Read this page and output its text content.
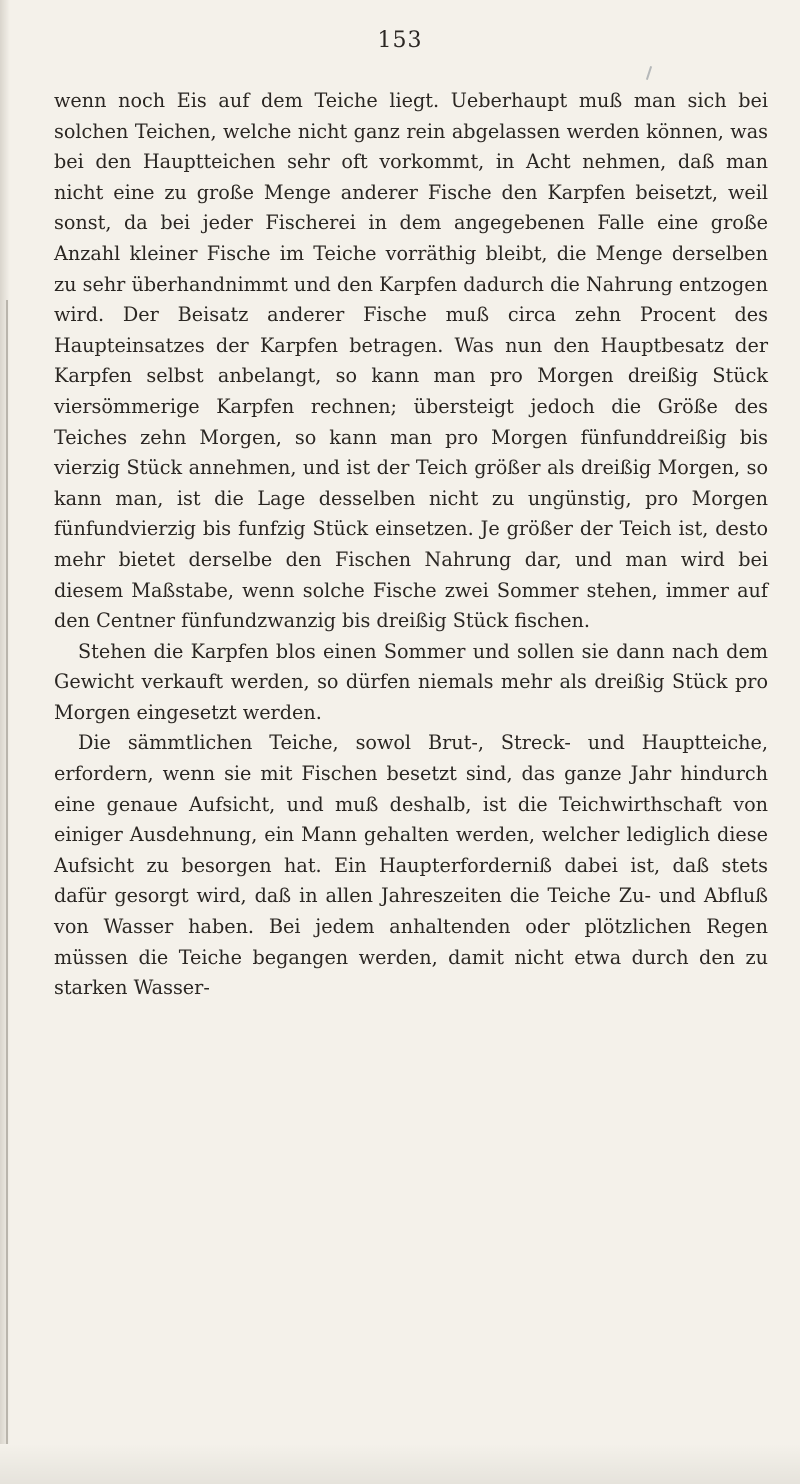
153

wenn noch Eis auf dem Teiche liegt. Ueberhaupt muß man sich bei solchen Teichen, welche nicht ganz rein abgelassen werden können, was bei den Hauptteichen sehr oft vorkommt, in Acht nehmen, daß man nicht eine zu große Menge anderer Fische den Karpfen beisetzt, weil sonst, da bei jeder Fischerei in dem angegebenen Falle eine große Anzahl kleiner Fische im Teiche vorräthig bleibt, die Menge derselben zu sehr überhandnimmt und den Karpfen dadurch die Nahrung entzogen wird. Der Beisatz anderer Fische muß circa zehn Procent des Haupteinsatzes der Karpfen betragen. Was nun den Hauptbesatz der Karpfen selbst anbelangt, so kann man pro Morgen dreißig Stück viersömmerige Karpfen rechnen; übersteigt jedoch die Größe des Teiches zehn Morgen, so kann man pro Morgen fünfunddreißig bis vierzig Stück annehmen, und ist der Teich größer als dreißig Morgen, so kann man, ist die Lage desselben nicht zu ungünstig, pro Morgen fünfundvierzig bis funfzig Stück einsetzen. Je größer der Teich ist, desto mehr bietet derselbe den Fischen Nahrung dar, und man wird bei diesem Maßstabe, wenn solche Fische zwei Sommer stehen, immer auf den Centner fünfundzwanzig bis dreißig Stück fischen.

Stehen die Karpfen blos einen Sommer und sollen sie dann nach dem Gewicht verkauft werden, so dürfen niemals mehr als dreißig Stück pro Morgen eingesetzt werden.

Die sämmtlichen Teiche, sowol Brut-, Streck- und Hauptteiche, erfordern, wenn sie mit Fischen besetzt sind, das ganze Jahr hindurch eine genaue Aufsicht, und muß deshalb, ist die Teichwirthschaft von einiger Ausdehnung, ein Mann gehalten werden, welcher lediglich diese Aufsicht zu besorgen hat. Ein Haupterforderniß dabei ist, daß stets dafür gesorgt wird, daß in allen Jahreszeiten die Teiche Zu- und Abfluß von Wasser haben. Bei jedem anhaltenden oder plötzlichen Regen müssen die Teiche begangen werden, damit nicht etwa durch den zu starken Wasser-
